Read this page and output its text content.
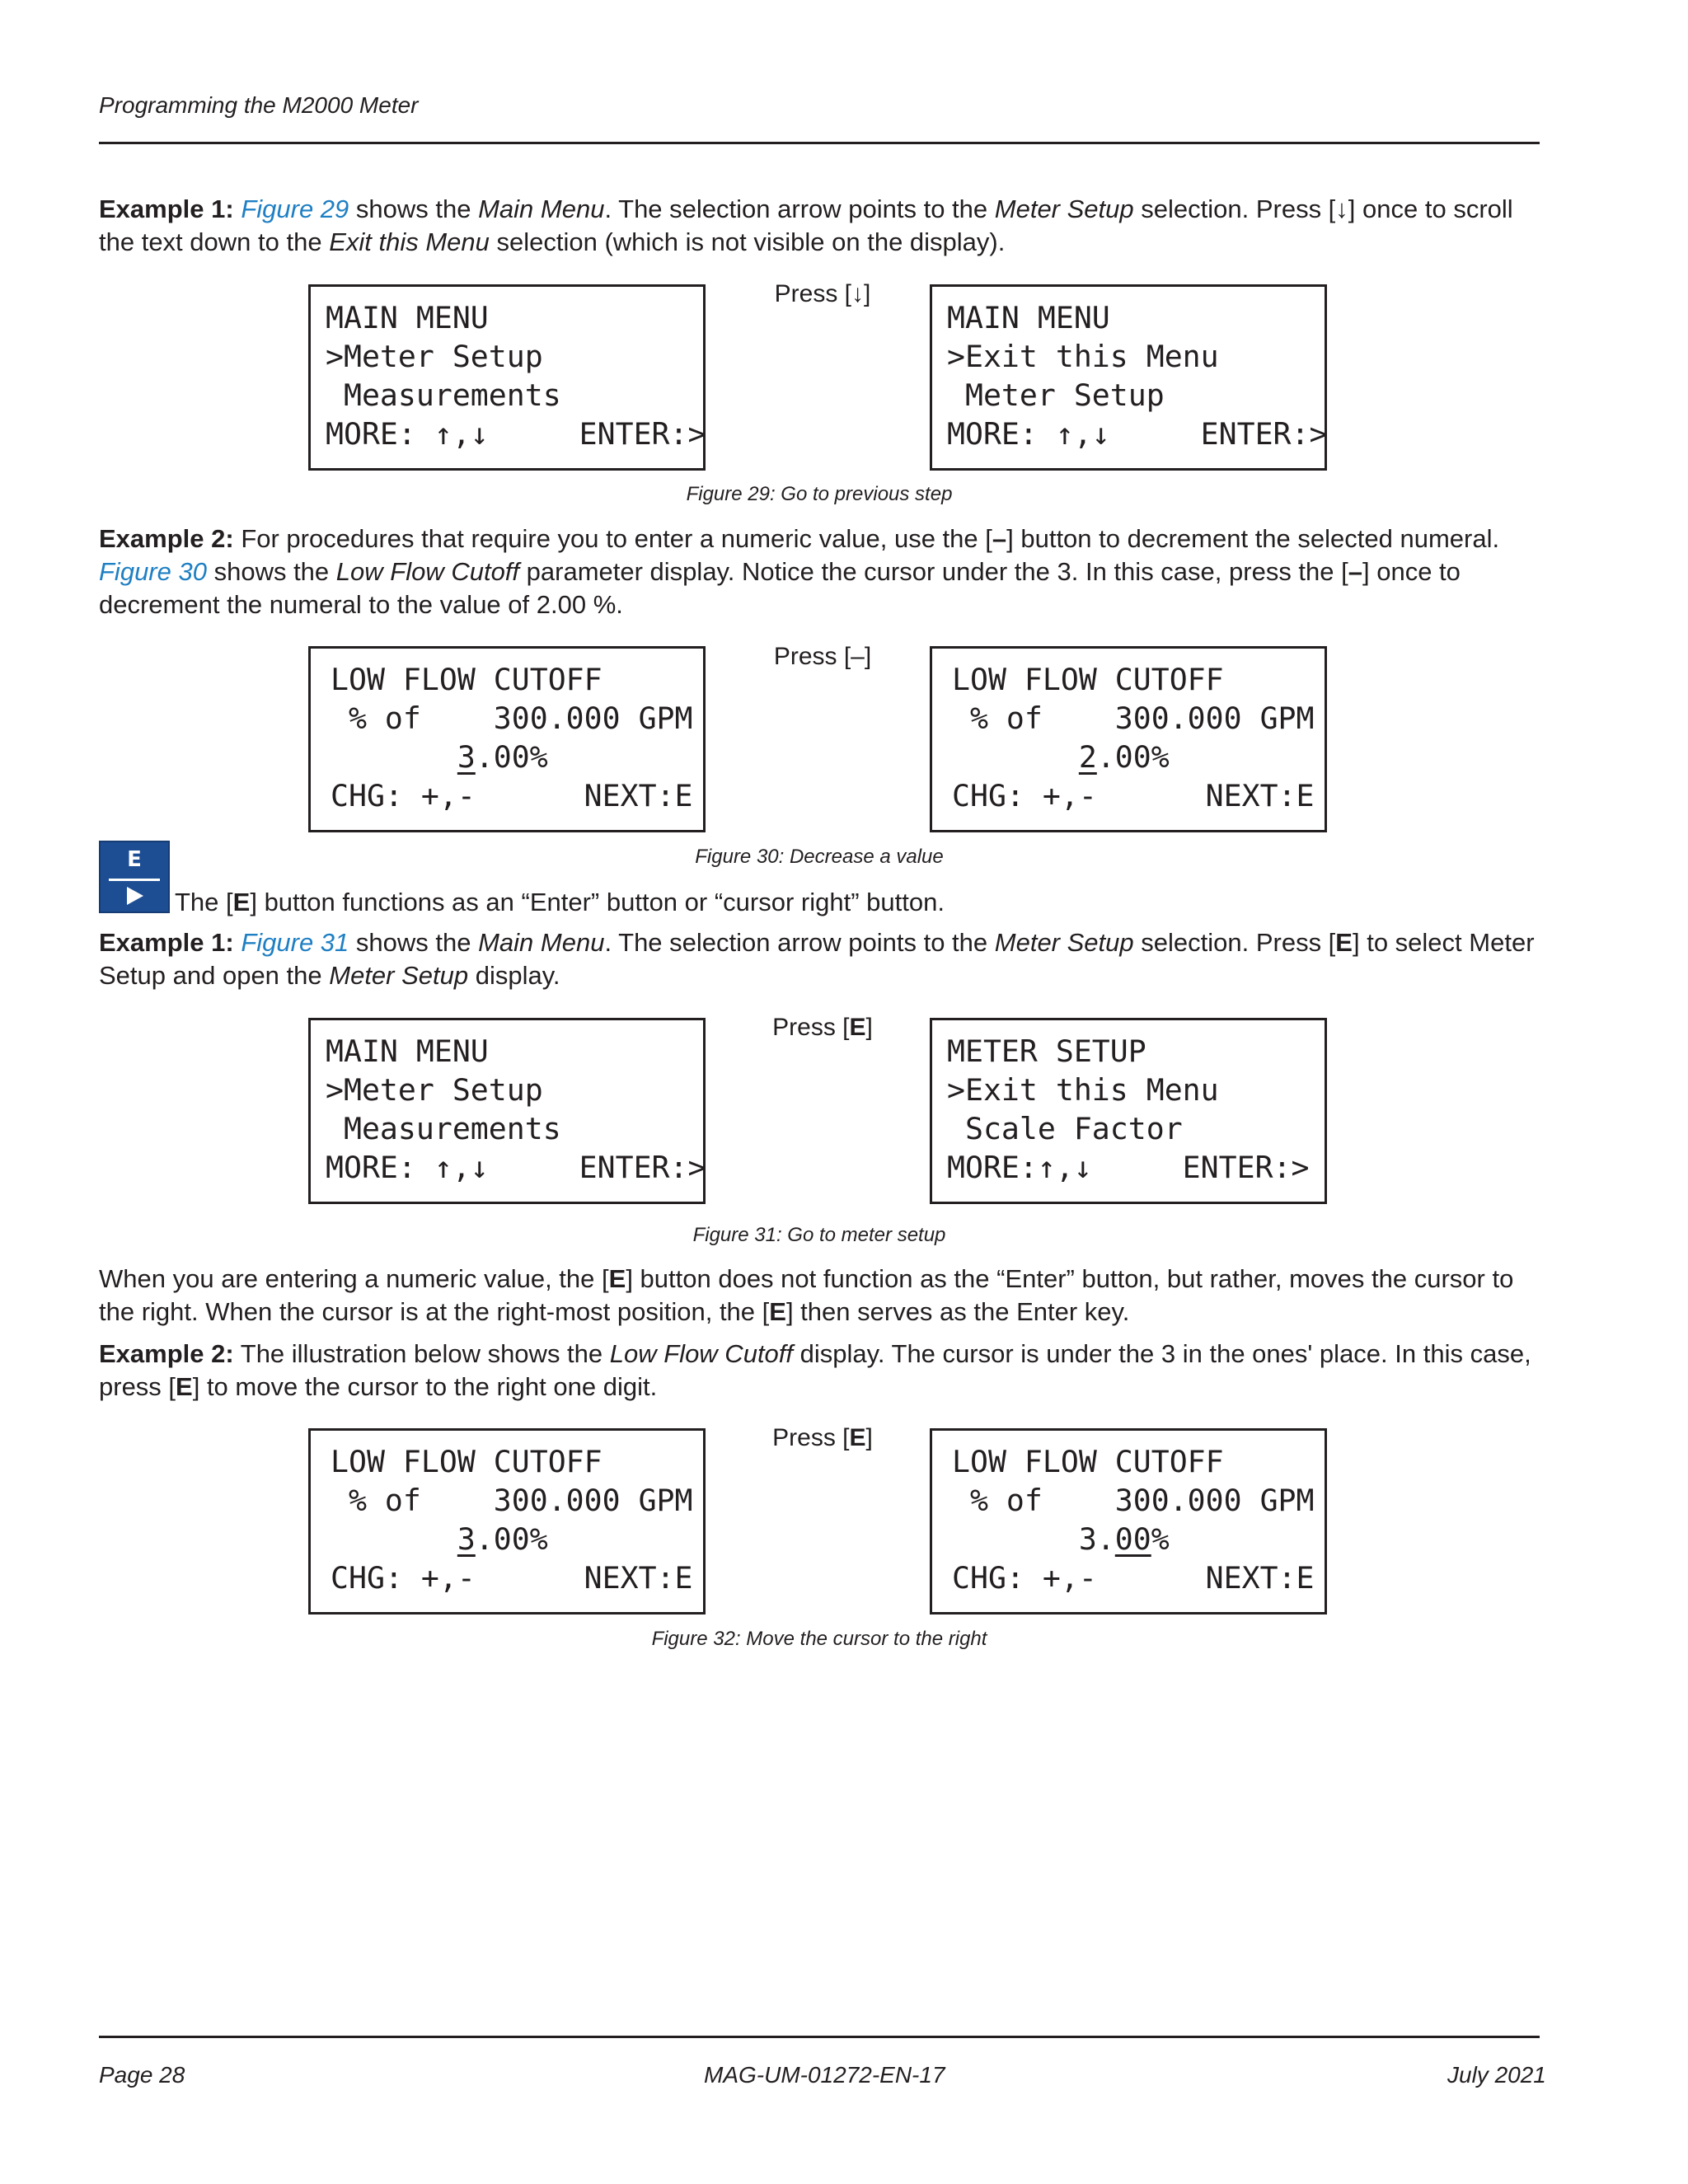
Programming the M2000 Meter
Example 1: Figure 29 shows the Main Menu. The selection arrow points to the Meter Setup selection. Press [↓] once to scroll the text down to the Exit this Menu selection (which is not visible on the display).
MAIN MENU
>Meter Setup
Measurements
MORE: ↑,↓     ENTER:>
Press [↓]
MAIN MENU
>Exit this Menu
Meter Setup
MORE: ↑,↓     ENTER:>
Figure 29: Go to previous step
Example 2: For procedures that require you to enter a numeric value, use the [–] button to decrement the selected numeral. Figure 30 shows the Low Flow Cutoff parameter display. Notice the cursor under the 3. In this case, press the [–] once to decrement the numeral to the value of 2.00 %.
LOW FLOW CUTOFF
% of    300.000 GPM
3.00%
CHG: +,-      NEXT:E
Press [–]
LOW FLOW CUTOFF
% of    300.000 GPM
2.00%
CHG: +,-      NEXT:E
Figure 30: Decrease a value
E
The [E] button functions as an “Enter” button or “cursor right” button.
Example 1: Figure 31 shows the Main Menu. The selection arrow points to the Meter Setup selection. Press [E] to select Meter Setup and open the Meter Setup display.
MAIN MENU
>Meter Setup
Measurements
MORE: ↑,↓     ENTER:>
Press [E]
METER SETUP
>Exit this Menu
Scale Factor
MORE:↑,↓     ENTER:>
Figure 31: Go to meter setup
When you are entering a numeric value, the [E] button does not function as the “Enter” button, but rather, moves the cursor to the right. When the cursor is at the right-most position, the [E] then serves as the Enter key.
Example 2: The illustration below shows the Low Flow Cutoff display. The cursor is under the 3 in the ones' place. In this case, press [E] to move the cursor to the right one digit.
LOW FLOW CUTOFF
% of    300.000 GPM
3.00%
CHG: +,-      NEXT:E
Press [E]
LOW FLOW CUTOFF
% of    300.000 GPM
3.00%
CHG: +,-      NEXT:E
Figure 32: Move the cursor to the right
Page 28	MAG-UM-01272-EN-17	July 2021
